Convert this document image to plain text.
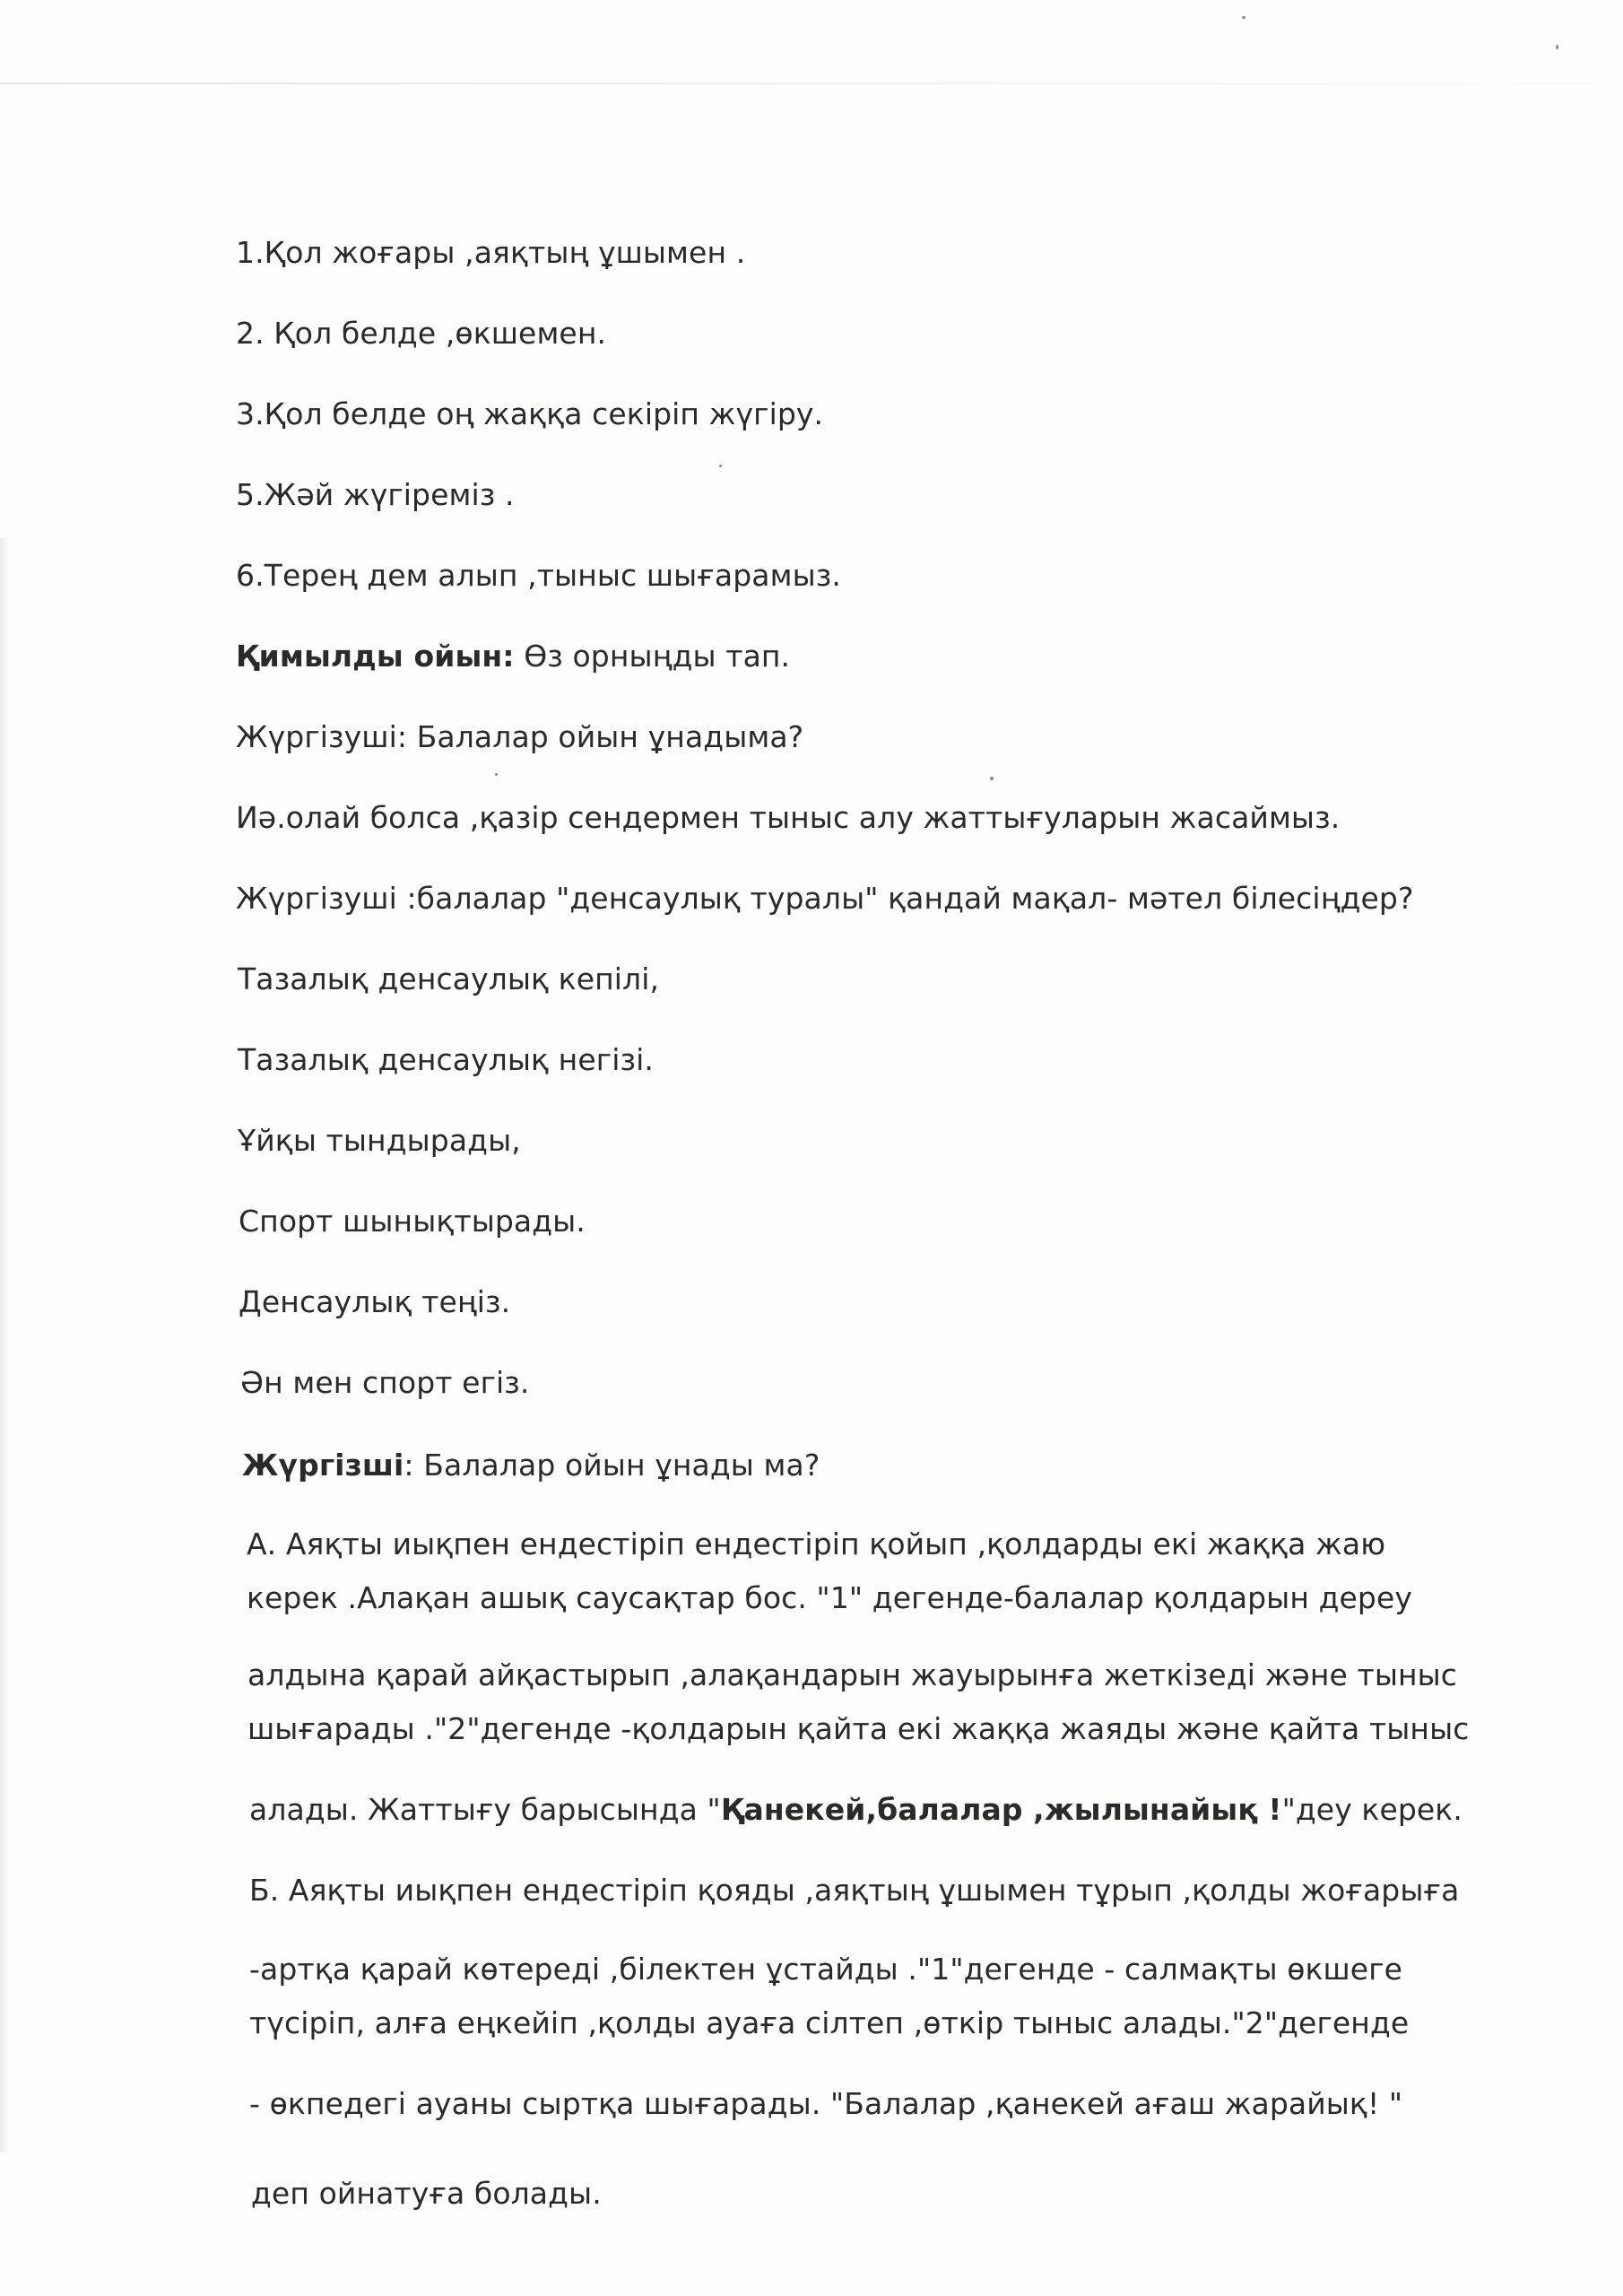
1.Қол жоғары ,аяқтың ұшымен .
2. Қол белде ,өкшемен.
3.Қол белде оң жаққа секіріп жүгіру.
5.Жәй жүгіреміз .
6.Терең дем алып ,тыныс шығарамыз.
Қимылды ойын: Өз орныңды тап.
Жүргізуші: Балалар ойын ұнадыма?
Иә.олай болса ,қазір сендермен тыныс алу жаттығуларын жасаймыз.
Жүргізуші :балалар "денсаулық туралы" қандай мақал- мәтел білесіңдер?
Тазалық денсаулық кепілі,
Тазалық денсаулық негізі.
Ұйқы тындырады,
Спорт шынықтырады.
Денсаулық теңіз.
Ән мен спорт егіз.
Жүргізші: Балалар ойын ұнады ма?
А. Аяқты иықпен ендестіріп ендестіріп қойып ,қолдарды екі жаққа жаю
керек .Алақан ашық саусақтар бос. "1" дегенде-балалар қолдарын дереу
алдына қарай айқастырып ,алақандарын жауырынға жеткізеді және тыныс
шығарады ."2"дегенде -қолдарын қайта екі жаққа жаяды және қайта тыныс
алады. Жаттығу барысында "Қанекей,балалар ,жылынайық !"деу керек.
Б. Аяқты иықпен ендестіріп қояды ,аяқтың ұшымен тұрып ,қолды жоғарыға
-артқа қарай көтереді ,білектен ұстайды ."1"дегенде - салмақты өкшеге
түсіріп, алға еңкейіп ,қолды ауаға сілтеп ,өткір тыныс алады."2"дегенде
- өкпедегі ауаны сыртқа шығарады. "Балалар ,қанекей ағаш жарайық! "
деп ойнатуға болады.
